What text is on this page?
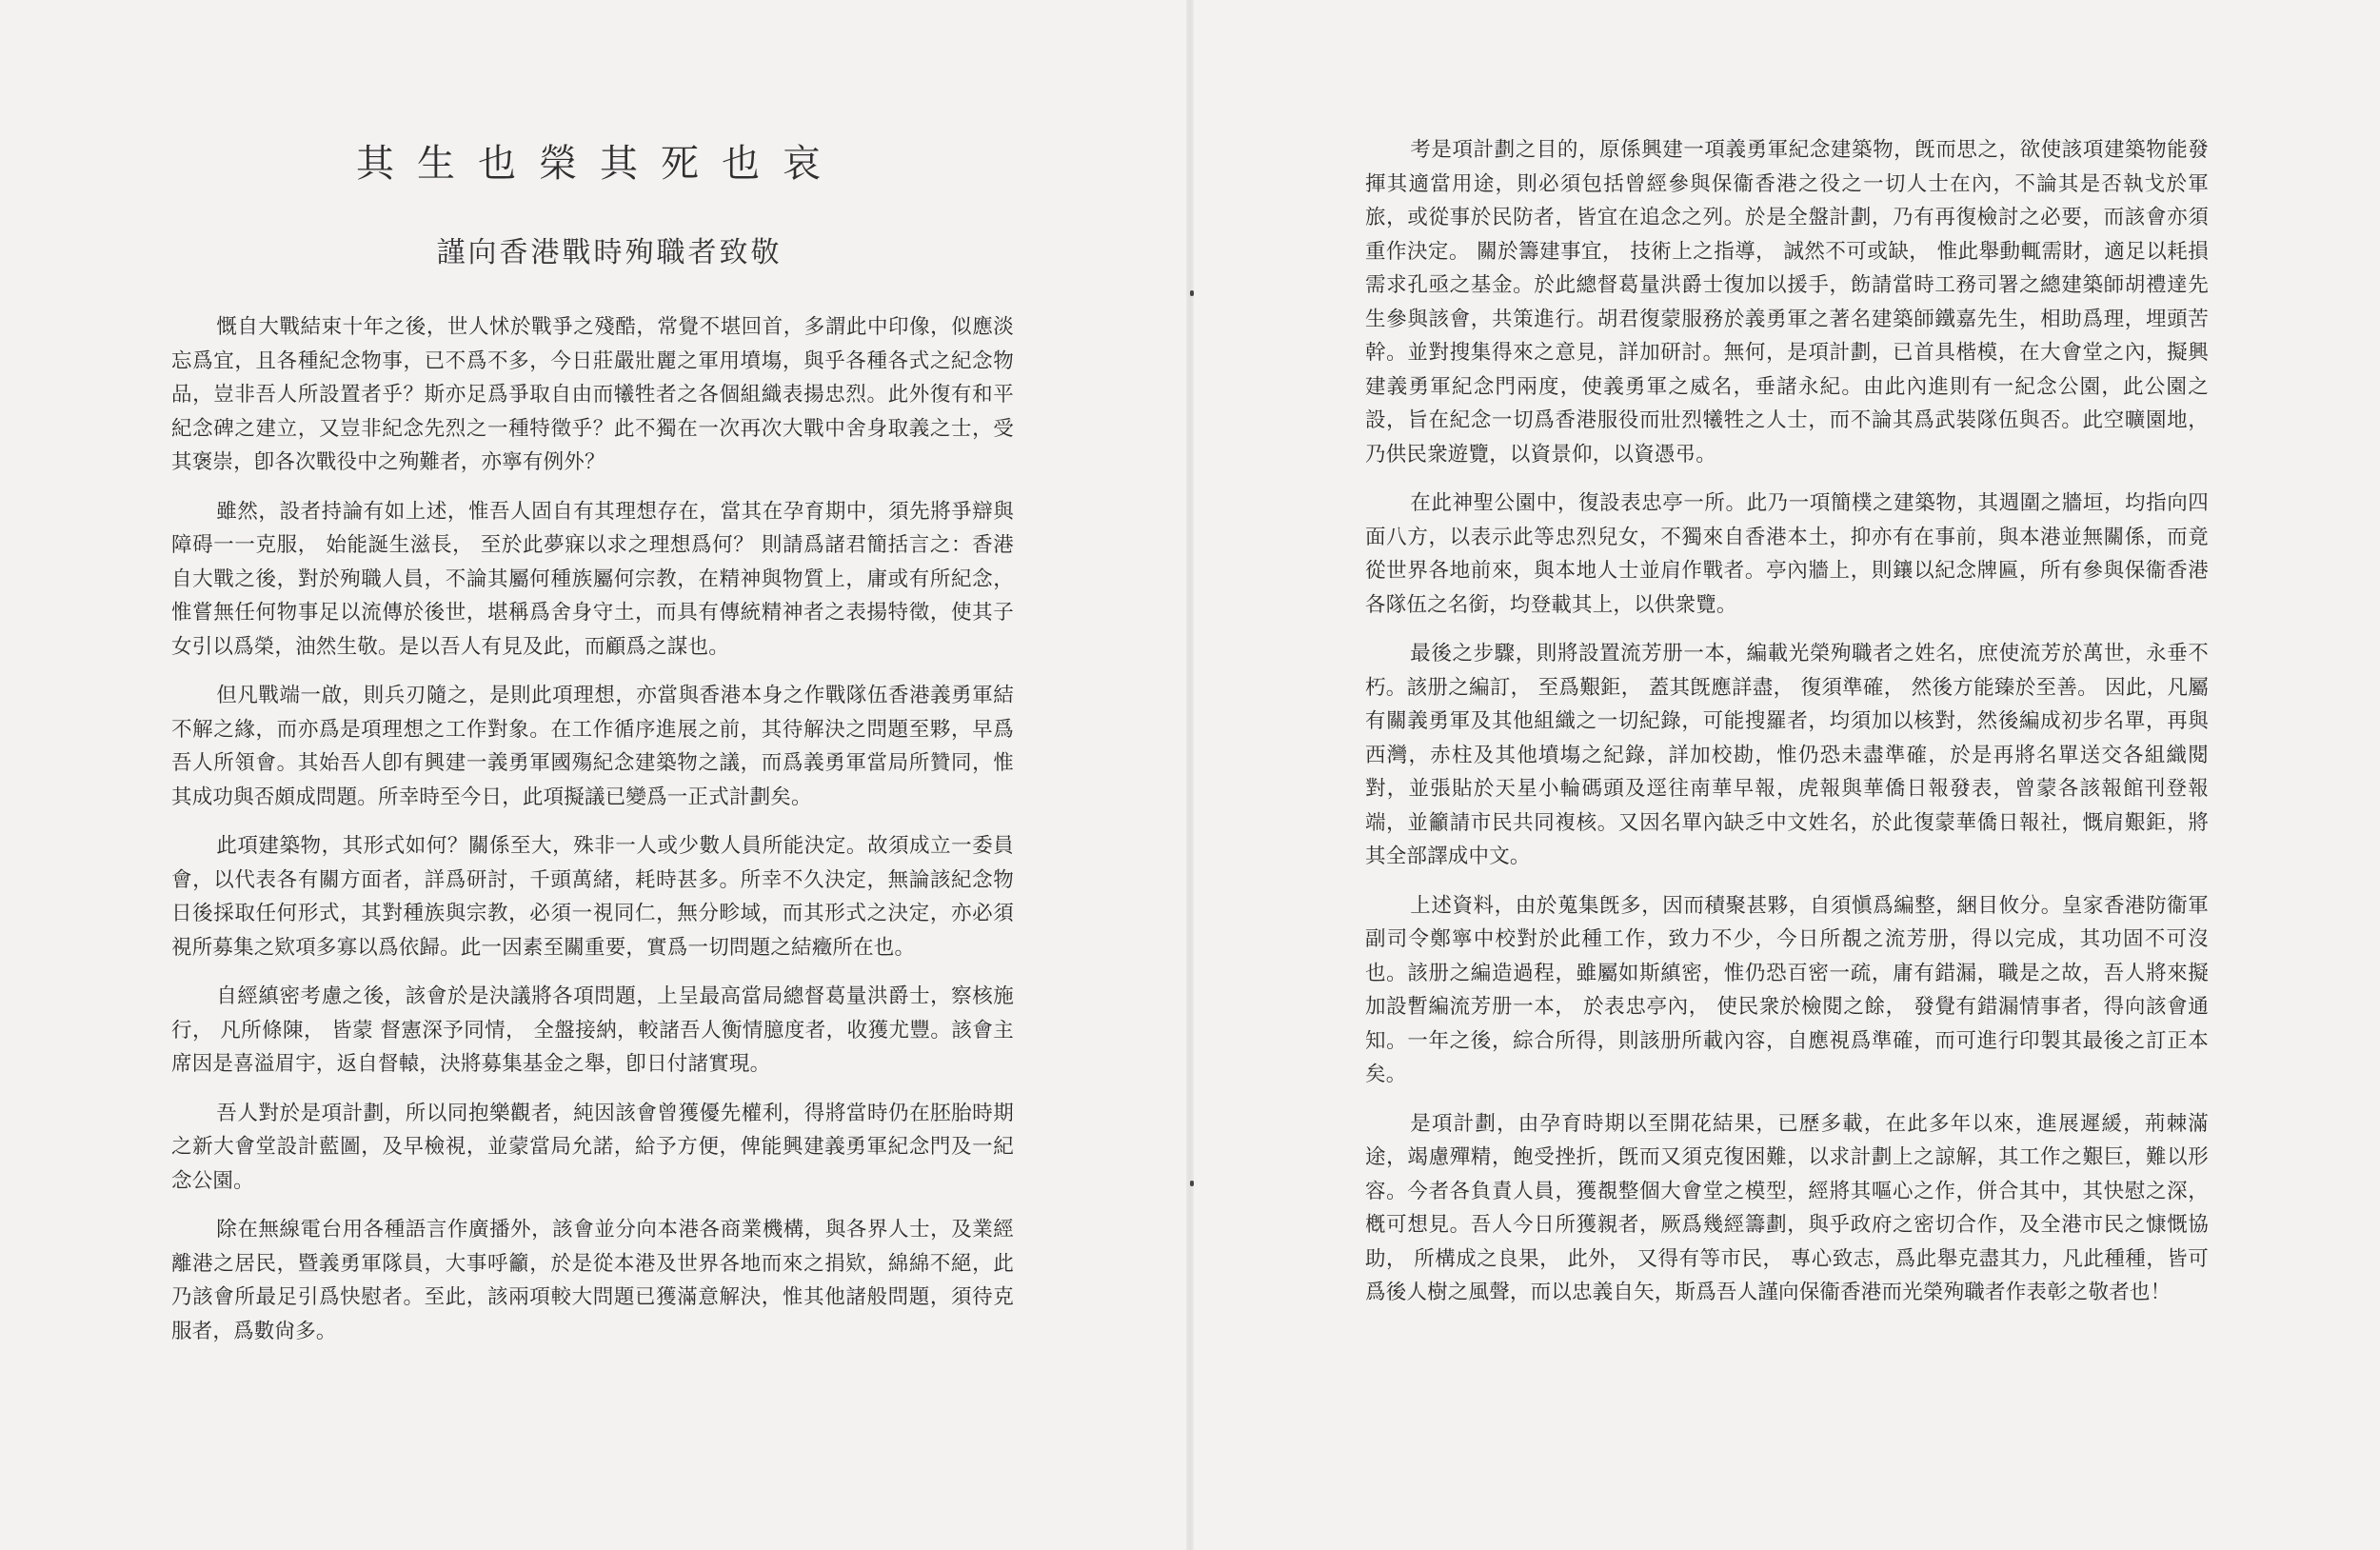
其生也榮其死也哀
謹向香港戰時殉職者致敬

慨自大戰結束十年之後，世人怵於戰爭之殘酷，常覺不堪回首，多謂此中印像，似應淡忘爲宜，且各種紀念物事，已不爲不多，今日莊嚴壯麗之軍用墳塲，與乎各種各式之紀念物品，豈非吾人所設置者乎？斯亦足爲爭取自由而犧牲者之各個組織表揚忠烈。此外復有和平紀念碑之建立，又豈非紀念先烈之一種特徵乎？此不獨在一次再次大戰中舍身取義之士，受其褒崇，卽各次戰役中之殉難者，亦寧有例外？

雖然，設者持論有如上述，惟吾人固自有其理想存在，當其在孕育期中，須先將爭辯與障碍一一克服， 始能誕生滋長， 至於此夢寐以求之理想爲何？ 則請爲諸君簡括言之：香港自大戰之後，對於殉職人員，不論其屬何種族屬何宗教，在精神與物質上，庸或有所紀念，惟嘗無任何物事足以流傳於後世，堪稱爲舍身守土，而具有傳統精神者之表揚特徵，使其子女引以爲榮，油然生敬。是以吾人有見及此，而顧爲之謀也。

但凡戰端一啟，則兵刃隨之，是則此項理想，亦當與香港本身之作戰隊伍香港義勇軍結不解之緣，而亦爲是項理想之工作對象。在工作循序進展之前，其待解決之問題至夥，早爲吾人所領會。其始吾人卽有興建一義勇軍國殤紀念建築物之議，而爲義勇軍當局所贊同，惟其成功與否頗成問題。所幸時至今日，此項擬議已變爲一正式計劃矣。

此項建築物，其形式如何？關係至大，殊非一人或少數人員所能決定。故須成立一委員會，以代表各有關方面者，詳爲研討，千頭萬緒，耗時甚多。所幸不久決定，無論該紀念物日後採取任何形式，其對種族與宗教，必須一視同仁，無分畛域，而其形式之決定，亦必須視所募集之欵項多寡以爲依歸。此一因素至關重要，實爲一切問題之結癥所在也。

自經縝密考慮之後，該會於是決議將各項問題，上呈最高當局總督葛量洪爵士，察核施行， 凡所條陳， 皆蒙 督憲深予同情， 全盤接納，較諸吾人衡情臆度者，收獲尤豐。該會主席因是喜溢眉宇，返自督轅，決將募集基金之舉，卽日付諸實現。

吾人對於是項計劃，所以同抱樂觀者，純因該會曾獲優先權利，得將當時仍在胚胎時期之新大會堂設計藍圖，及早檢視，並蒙當局允諾，給予方便，俾能興建義勇軍紀念門及一紀念公園。

除在無線電台用各種語言作廣播外，該會並分向本港各商業機構，與各界人士，及業經離港之居民，暨義勇軍隊員，大事呼籲，於是從本港及世界各地而來之捐欵，綿綿不絕，此乃該會所最足引爲快慰者。至此，該兩項較大問題已獲滿意解決，惟其他諸般問題，須待克服者，爲數尙多。

考是項計劃之目的，原係興建一項義勇軍紀念建築物，旣而思之，欲使該項建築物能發揮其適當用途，則必須包括曾經參與保衞香港之役之一切人士在內，不論其是否執戈於軍旅，或從事於民防者，皆宜在追念之列。於是全盤計劃，乃有再復檢討之必要，而該會亦須重作決定。 關於籌建事宜， 技術上之指導， 誠然不可或缺， 惟此舉動輒需財，適足以耗損需求孔亟之基金。於此總督葛量洪爵士復加以援手，飭請當時工務司署之總建築師胡禮達先生參與該會，共策進行。胡君復蒙服務於義勇軍之著名建築師鐵嘉先生，相助爲理，埋頭苦幹。並對搜集得來之意見，詳加研討。無何，是項計劃，已首具楷模，在大會堂之內，擬興建義勇軍紀念門兩度，使義勇軍之威名，垂諸永紀。由此內進則有一紀念公園，此公園之設，旨在紀念一切爲香港服役而壯烈犧牲之人士，而不論其爲武裝隊伍與否。此空曠園地，乃供民衆遊覽，以資景仰，以資憑弔。

在此神聖公園中，復設表忠亭一所。此乃一項簡樸之建築物，其週圍之牆垣，均指向四面八方，以表示此等忠烈兒女，不獨來自香港本土，抑亦有在事前，與本港並無關係，而竟從世界各地前來，與本地人士並肩作戰者。亭內牆上，則鑲以紀念牌匾，所有參與保衞香港各隊伍之名銜，均登載其上，以供衆覽。

最後之步驟，則將設置流芳册一本，編載光榮殉職者之姓名，庶使流芳於萬世，永垂不朽。該册之編訂， 至爲艱鉅， 蓋其旣應詳盡， 復須準確， 然後方能臻於至善。 因此，凡屬有關義勇軍及其他組織之一切紀錄，可能搜羅者，均須加以核對，然後編成初步名單，再與西灣，赤柱及其他墳塲之紀錄，詳加校勘，惟仍恐未盡準確，於是再將名單送交各組織閱對，並張貼於天星小輪碼頭及逕往南華早報，虎報與華僑日報發表，曾蒙各該報館刊登報端，並籲請市民共同複核。又因名單內缺乏中文姓名，於此復蒙華僑日報社，慨肩艱鉅，將其全部譯成中文。

上述資料，由於蒐集旣多，因而積聚甚夥，自須愼爲編整，綑目攸分。皇家香港防衞軍副司令鄭寧中校對於此種工作，致力不少，今日所覩之流芳册，得以完成，其功固不可沒也。該册之編造過程，雖屬如斯縝密，惟仍恐百密一疏，庸有錯漏，職是之故，吾人將來擬加設暫編流芳册一本， 於表忠亭內， 使民衆於檢閱之餘， 發覺有錯漏情事者，得向該會通知。一年之後，綜合所得，則該册所載內容，自應視爲準確，而可進行印製其最後之訂正本矣。

是項計劃，由孕育時期以至開花結果，已歷多載，在此多年以來，進展遲緩，荊棘滿途，竭慮殫精，飽受挫折，旣而又須克復困難，以求計劃上之諒解，其工作之艱巨，難以形容。今者各負責人員，獲覩整個大會堂之模型，經將其嘔心之作，併合其中，其快慰之深，槪可想見。吾人今日所獲親者，厥爲幾經籌劃，與乎政府之密切合作，及全港市民之慷慨協助， 所構成之良果， 此外， 又得有等市民， 專心致志，爲此舉克盡其力，凡此種種，皆可爲後人樹之風聲，而以忠義自矢，斯爲吾人謹向保衞香港而光榮殉職者作表彰之敬者也！
